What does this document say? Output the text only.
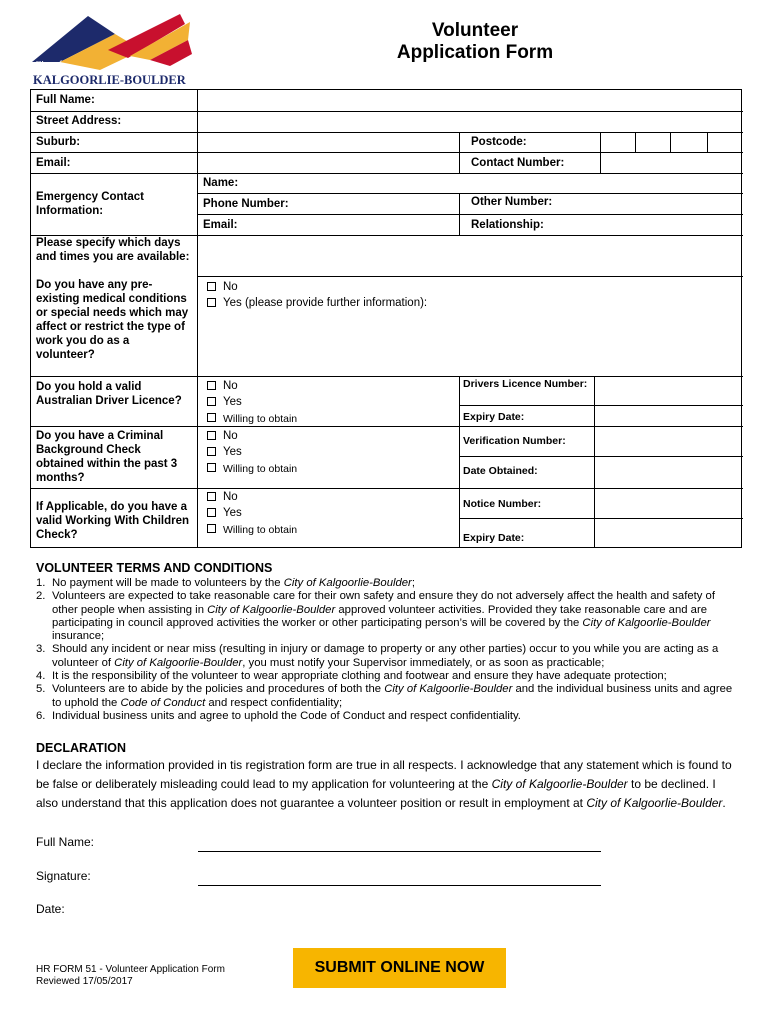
City of
KALGOORLIE-BOULDER
Volunteer
Application Form
Full Name:
Street Address:
Suburb:	Postcode:
Email:	Contact Number:
Emergency Contact Information:
Name:
Phone Number:	Other Number:
Email:	Relationship:
Please specify which days and times you are available:
Do you have any pre-existing medical conditions or special needs which may affect or restrict the type of work you do as a volunteer?
No
Yes (please provide further information):
Do you hold a valid Australian Driver Licence?
No
Yes
Willing to obtain
Drivers Licence Number:
Expiry Date:
Do you have a Criminal Background Check obtained within the past 3 months?
No
Yes
Willing to obtain
Verification Number:
Date Obtained:
If Applicable, do you have a valid Working With Children Check?
No
Yes
Willing to obtain
Notice Number:
Expiry Date:
VOLUNTEER TERMS AND CONDITIONS
1. No payment will be made to volunteers by the City of Kalgoorlie-Boulder;
2. Volunteers are expected to take reasonable care for their own safety and ensure they do not adversely affect the health and safety of other people when assisting in City of Kalgoorlie-Boulder approved volunteer activities. Provided they take reasonable care and are participating in council approved activities the worker or other participating person’s will be covered by the City of Kalgoorlie-Boulder insurance;
3. Should any incident or near miss (resulting in injury or damage to property or any other parties) occur to you while you are acting as a volunteer of City of Kalgoorlie-Boulder, you must notify your Supervisor immediately, or as soon as practicable;
4. It is the responsibility of the volunteer to wear appropriate clothing and footwear and ensure they have adequate protection;
5. Volunteers are to abide by the policies and procedures of both the City of Kalgoorlie-Boulder and the individual business units and agree to uphold the Code of Conduct and respect confidentiality;
6. Individual business units and agree to uphold the Code of Conduct and respect confidentiality.
DECLARATION
I declare the information provided in tis registration form are true in all respects. I acknowledge that any statement which is found to be false or deliberately misleading could lead to my application for volunteering at the City of Kalgoorlie-Boulder to be declined. I also understand that this application does not guarantee a volunteer position or result in employment at City of Kalgoorlie-Boulder.
Full Name:
Signature:
Date:
HR FORM 51 - Volunteer Application Form
Reviewed 17/05/2017
SUBMIT ONLINE NOW
